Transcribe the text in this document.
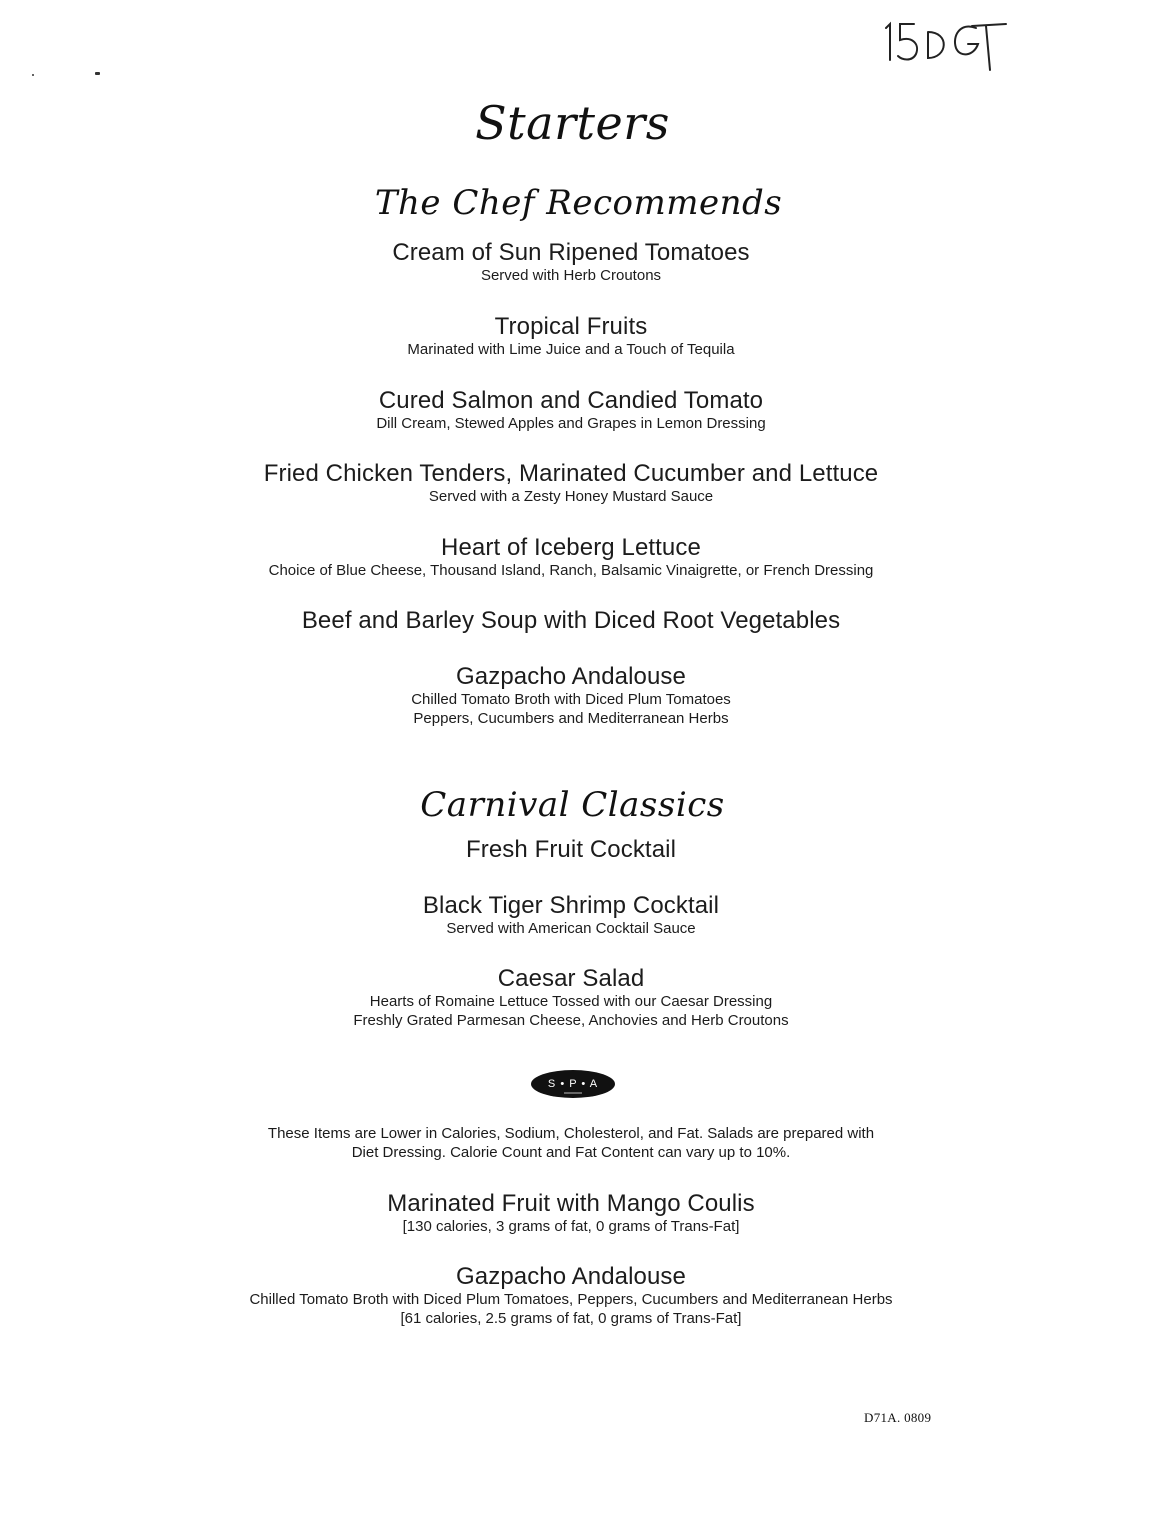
Starters
The Chef Recommends
Cream of Sun Ripened Tomatoes
Served with Herb Croutons
Tropical Fruits
Marinated with Lime Juice and a Touch of Tequila
Cured Salmon and Candied Tomato
Dill Cream, Stewed Apples and Grapes in Lemon Dressing
Fried Chicken Tenders, Marinated Cucumber and Lettuce
Served with a Zesty Honey Mustard Sauce
Heart of Iceberg Lettuce
Choice of Blue Cheese, Thousand Island, Ranch, Balsamic Vinaigrette, or French Dressing
Beef and Barley Soup with Diced Root Vegetables
Gazpacho Andalouse
Chilled Tomato Broth with Diced Plum Tomatoes
Peppers, Cucumbers and Mediterranean Herbs
Carnival Classics
Fresh Fruit Cocktail
Black Tiger Shrimp Cocktail
Served with American Cocktail Sauce
Caesar Salad
Hearts of Romaine Lettuce Tossed with our Caesar Dressing
Freshly Grated Parmesan Cheese, Anchovies and Herb Croutons
S • P • A
These Items are Lower in Calories, Sodium, Cholesterol, and Fat. Salads are prepared with
Diet Dressing. Calorie Count and Fat Content can vary up to 10%.
Marinated Fruit with Mango Coulis
[130 calories, 3 grams of fat, 0 grams of Trans-Fat]
Gazpacho Andalouse
Chilled Tomato Broth with Diced Plum Tomatoes, Peppers, Cucumbers and Mediterranean Herbs
[61 calories, 2.5 grams of fat, 0 grams of Trans-Fat]
D71A. 0809
